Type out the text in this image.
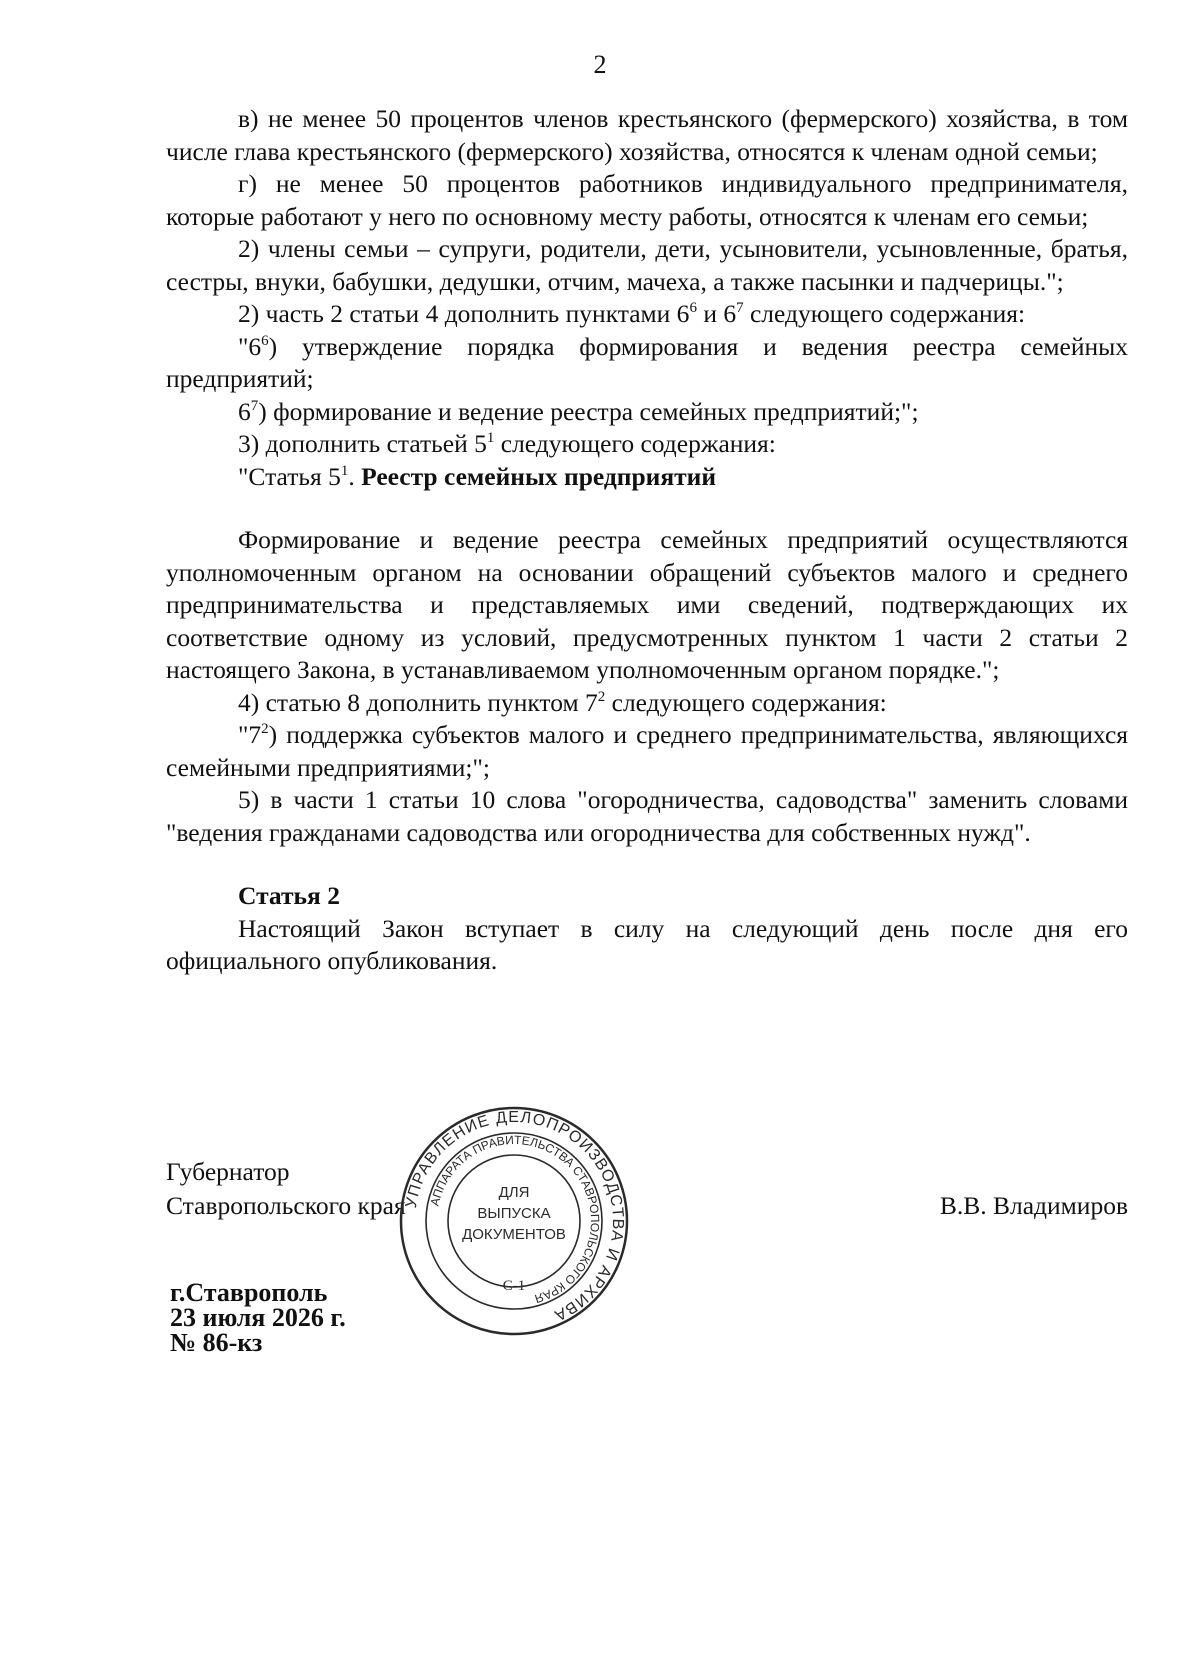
2

в) не менее 50 процентов членов крестьянского (фермерского) хозяйства, в том числе глава крестьянского (фермерского) хозяйства, относятся к членам одной семьи;

г) не менее 50 процентов работников индивидуального предпринимателя, которые работают у него по основному месту работы, относятся к членам его семьи;

2) члены семьи – супруги, родители, дети, усыновители, усыновленные, братья, сестры, внуки, бабушки, дедушки, отчим, мачеха, а также пасынки и падчерицы.";

2) часть 2 статьи 4 дополнить пунктами $6^6$ и $6^7$ следующего содержания:

"$6^6$) утверждение порядка формирования и ведения реестра семейных предприятий;

$6^7$) формирование и ведение реестра семейных предприятий;";

3) дополнить статьей $5^1$ следующего содержания:

"Статья $5^1$. Реестр семейных предприятий

Формирование и ведение реестра семейных предприятий осуществляются уполномоченным органом на основании обращений субъектов малого и среднего предпринимательства и представляемых ими сведений, подтверждающих их соответствие одному из условий, предусмотренных пунктом 1 части 2 статьи 2 настоящего Закона, в устанавливаемом уполномоченным органом порядке.";

4) статью 8 дополнить пунктом $7^2$ следующего содержания:

"$7^2$) поддержка субъектов малого и среднего предпринимательства, являющихся семейными предприятиями;";

5) в части 1 статьи 10 слова "огородничества, садоводства" заменить словами "ведения гражданами садоводства или огородничества для собственных нужд".

Статья 2

Настоящий Закон вступает в силу на следующий день после дня его официального опубликования.

Губернатор
Ставропольского края	В.В. Владимиров
УПРАВЛЕНИЕ ДЕЛОПРОИЗВОДСТВА И АРХИВА
АППАРАТА ПРАВИТЕЛЬСТВА СТАВРОПОЛЬСКОГО КРАЯ
ДЛЯ
ВЫПУСКА
ДОКУМЕНТОВ
С-1
г.Ставрополь
23 июля 2026 г.
№ 86-кз
